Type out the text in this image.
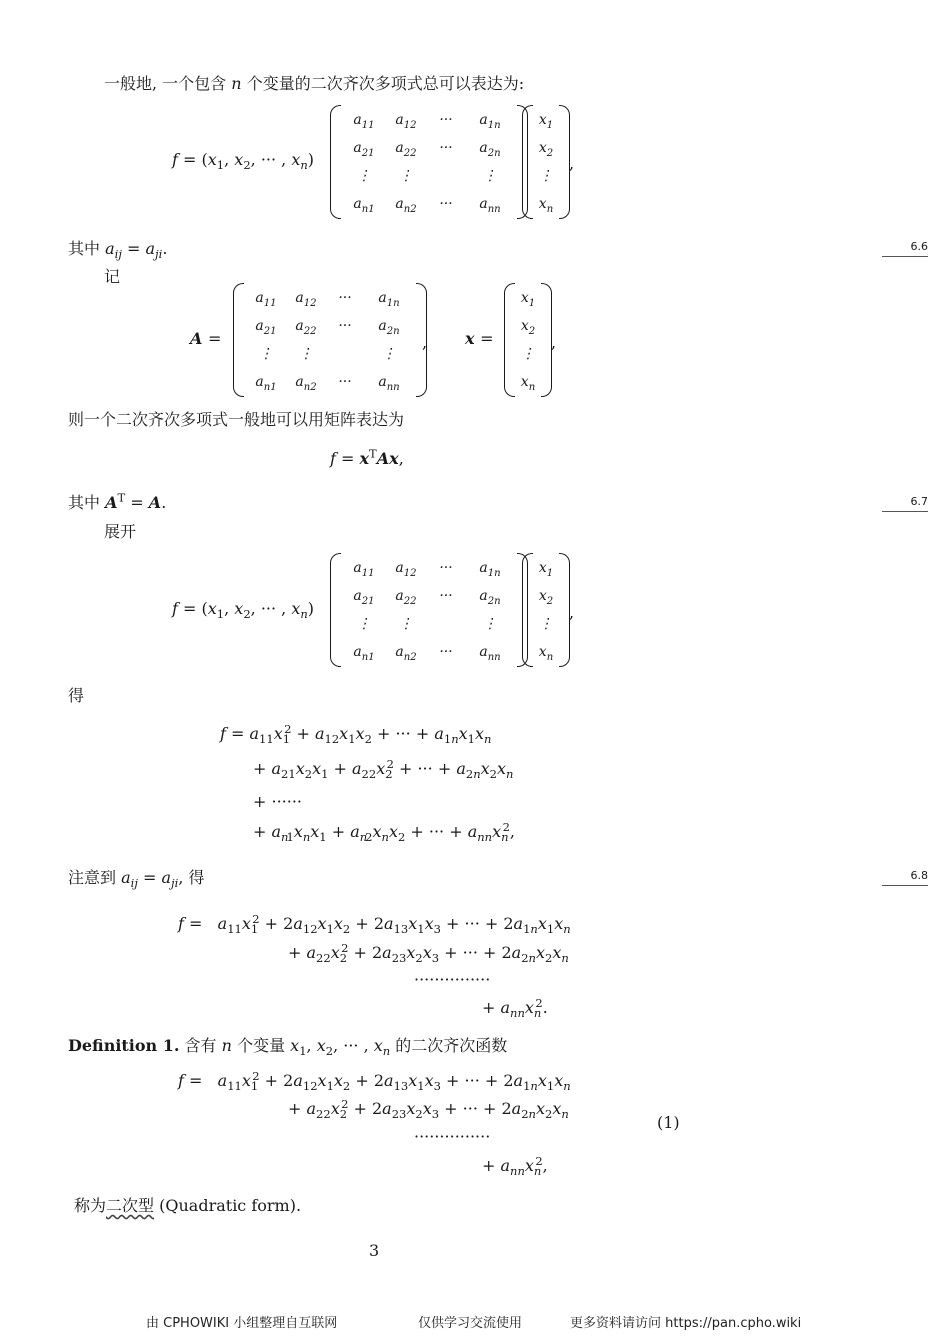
一般地, 一个包含 n 个变量的二次齐次多项式总可以表达为:
$f = (x_1$, $x_2$, ··· , $x_n$)
$a_{11}$ $a_{12}$ ··· $a_{1n}$
$a_{21}$ $a_{22}$ ··· $a_{2n}$
⋮ ⋮	⋮
$a_{n1}$ $a_{n2}$ ··· $a_{nn}$
$x_1$
$x_2$
⋮
$x_n$
,
其中 $a_{ij} = a_{ji}$.	6.6
记
A =
$a_{11}$ $a_{12}$ ··· $a_{1n}$
$a_{21}$ $a_{22}$ ··· $a_{2n}$
⋮ ⋮	⋮
$a_{n1}$ $a_{n2}$ ··· $a_{nn}$
, x =
$x_1$
$x_2$
⋮
$x_n$
,
则一个二次齐次多项式一般地可以用矩阵表达为
$f = x^TAx$,
其中 $A^T = A$.	6.7
展开
$f = (x_1$, $x_2$, ··· , $x_n$)
$a_{11}$ $a_{12}$ ··· $a_{1n}$
$a_{21}$ $a_{22}$ ··· $a_{2n}$
⋮ ⋮	⋮
$a_{n1}$ $a_{n2}$ ··· $a_{nn}$
$x_1$
$x_2$
⋮
$x_n$
,
得
$f = a_{11}x_1^2 + a_{12}x_1x_2$ + ··· + $a_{1n}x_1x_n$
+ $a_{21}x_2x_1 + a_{22}x_2^2$ + ··· + $a_{2n}x_2x_n$
+ ······
+ $a_{n1}x_nx_1 + a_{n2}x_nx_2$ + ··· + $a_{nn}x_n^2$,
注意到 $a_{ij} = a_{ji}$, 得	6.8
$f = a_{11}x_1^2 + 2a_{12}x_1x_2 + 2a_{13}x_1x_3$ + ··· + $2a_{1n}x_1x_n$
+ $a_{22}x_2^2 + 2a_{23}x_2x_3$ + ··· + $2a_{2n}x_2x_n$
···············
+ $a_{nn}x_n^2$.
Definition 1. 含有 n 个变量 $x_1$, $x_2$, ··· , $x_n$ 的二次齐次函数
$f = a_{11}x_1^2 + 2a_{12}x_1x_2 + 2a_{13}x_1x_3$ + ··· + $2a_{1n}x_1x_n$
+ $a_{22}x_2^2 + 2a_{23}x_2x_3$ + ··· + $2a_{2n}x_2x_n$
···············
+ $a_{nn}x_n^2$,
(1)
称为二次型 (Quadratic form).
3
由 CPHOWIKI 小组整理自互联网	仅供学习交流使用	更多资料请访问 https://pan.cpho.wiki
